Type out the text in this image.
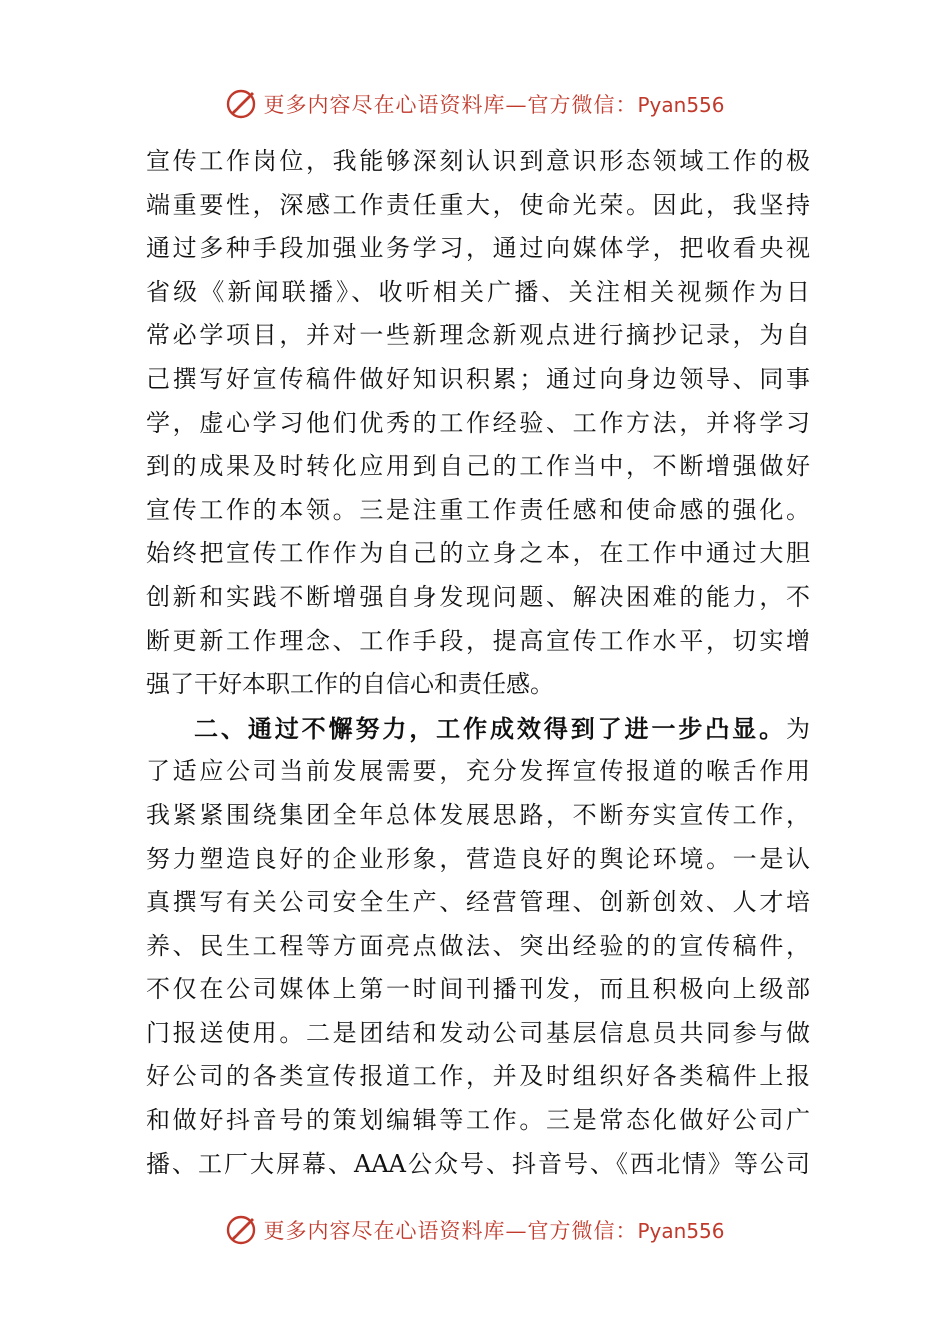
更多内容尽在心语资料库—官方微信：Pyan556
宣传工作岗位，我能够深刻认识到意识形态领域工作的极
端重要性，深感工作责任重大，使命光荣。因此，我坚持
通过多种手段加强业务学习，通过向媒体学，把收看央视
省级《新闻联播》、收听相关广播、关注相关视频作为日
常必学项目，并对一些新理念新观点进行摘抄记录，为自
己撰写好宣传稿件做好知识积累；通过向身边领导、同事
学，虚心学习他们优秀的工作经验、工作方法，并将学习
到的成果及时转化应用到自己的工作当中，不断增强做好
宣传工作的本领。三是注重工作责任感和使命感的强化。
始终把宣传工作作为自己的立身之本，在工作中通过大胆
创新和实践不断增强自身发现问题、解决困难的能力，不
断更新工作理念、工作手段，提高宣传工作水平，切实增
强了干好本职工作的自信心和责任感。
二、通过不懈努力，工作成效得到了进一步凸显。为
了适应公司当前发展需要，充分发挥宣传报道的喉舌作用
我紧紧围绕集团全年总体发展思路，不断夯实宣传工作，
努力塑造良好的企业形象，营造良好的舆论环境。一是认
真撰写有关公司安全生产、经营管理、创新创效、人才培
养、民生工程等方面亮点做法、突出经验的的宣传稿件，
不仅在公司媒体上第一时间刊播刊发，而且积极向上级部
门报送使用。二是团结和发动公司基层信息员共同参与做
好公司的各类宣传报道工作，并及时组织好各类稿件上报
和做好抖音号的策划编辑等工作。三是常态化做好公司广
播、工厂大屏幕、AAA公众号、抖音号、《西北情》等公司
更多内容尽在心语资料库—官方微信：Pyan556
